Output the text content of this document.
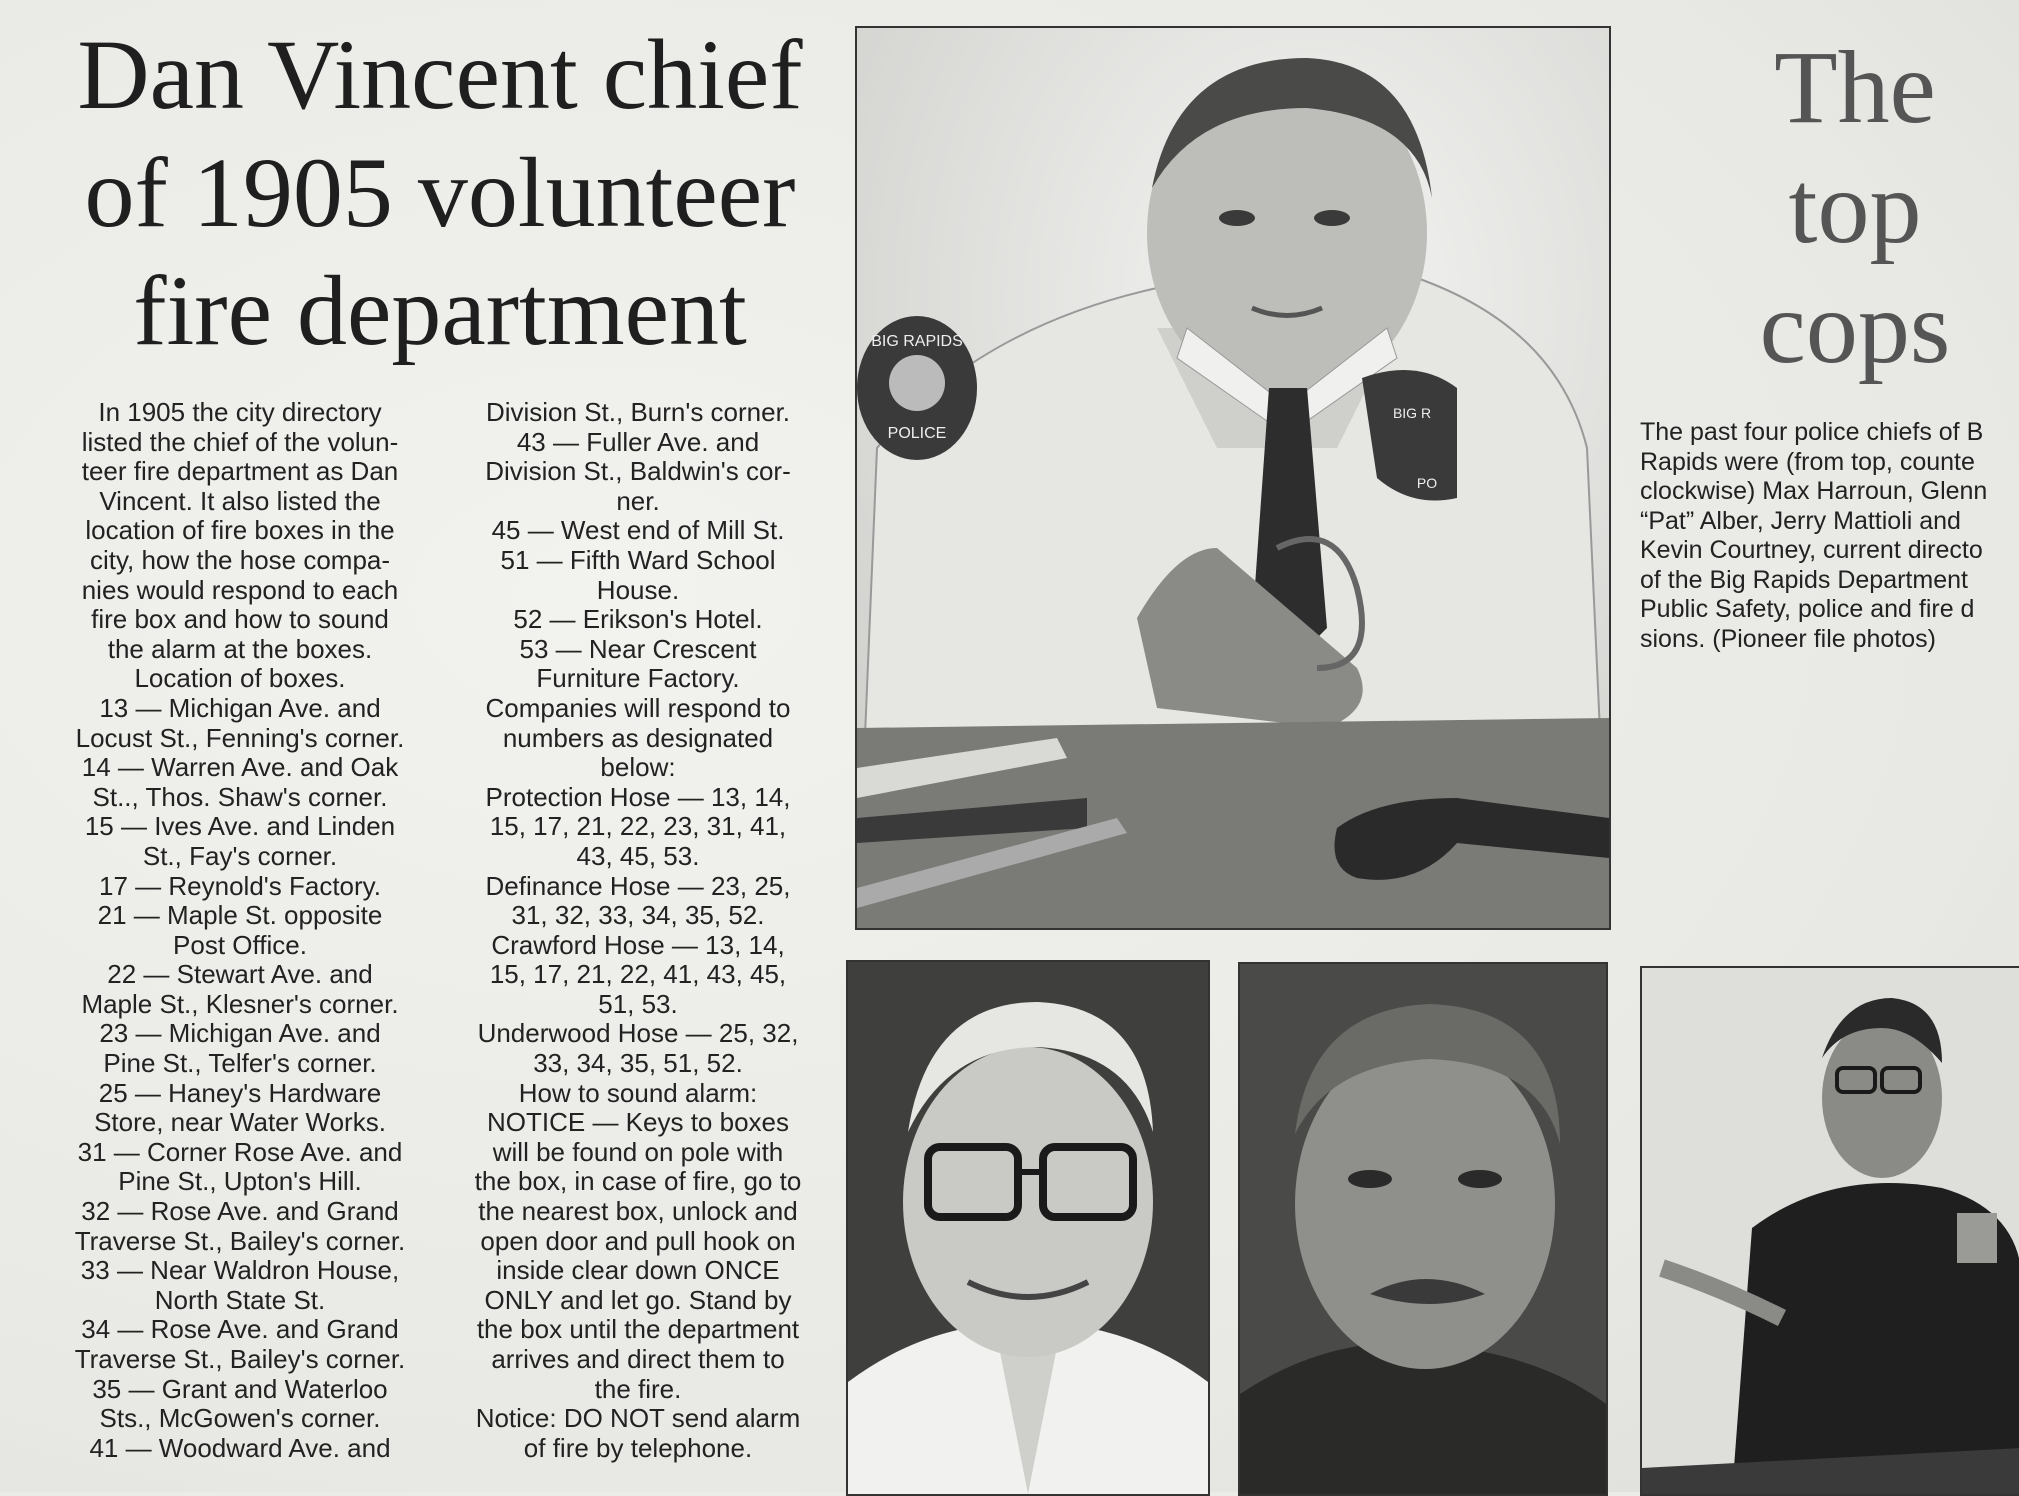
Dan Vincent chief
of 1905 volunteer
fire department

In 1905 the city directory

listed the chief of the volun-

teer fire department as Dan

Vincent. It also listed the

location of fire boxes in the

city, how the hose compa-

nies would respond to each

fire box and how to sound

the alarm at the boxes.

Location of boxes.

13 — Michigan Ave. and

Locust St., Fenning's corner.

14 — Warren Ave. and Oak

St.., Thos. Shaw's corner.

15 — Ives Ave. and Linden

St., Fay's corner.

17 — Reynold's Factory.

21 — Maple St. opposite

Post Office.

22 — Stewart Ave. and

Maple St., Klesner's corner.

23 — Michigan Ave. and

Pine St., Telfer's corner.

25 — Haney's Hardware

Store, near Water Works.

31 — Corner Rose Ave. and

Pine St., Upton's Hill.

32 — Rose Ave. and Grand

Traverse St., Bailey's corner.

33 — Near Waldron House,

North State St.

34 — Rose Ave. and Grand

Traverse St., Bailey's corner.

35 — Grant and Waterloo

Sts., McGowen's corner.

41 — Woodward Ave. and

Division St., Burn's corner.

43 — Fuller Ave. and

Division St., Baldwin's cor-

ner.

45 — West end of Mill St.

51 — Fifth Ward School

House.

52 — Erikson's Hotel.

53 — Near Crescent

Furniture Factory.

Companies will respond to

numbers as designated

below:

Protection Hose — 13, 14,

15, 17, 21, 22, 23, 31, 41,

43, 45, 53.

Definance Hose — 23, 25,

31, 32, 33, 34, 35, 52.

Crawford Hose — 13, 14,

15, 17, 21, 22, 41, 43, 45,

51, 53.

Underwood Hose — 25, 32,

33, 34, 35, 51, 52.

How to sound alarm:

NOTICE — Keys to boxes

will be found on pole with

the box, in case of fire, go to

the nearest box, unlock and

open door and pull hook on

inside clear down ONCE

ONLY and let go. Stand by

the box until the department

arrives and direct them to

the fire.

Notice: DO NOT send alarm

of fire by telephone.

BIG RAPIDS
POLICE
BIG R
PO
The
top
cops

The past four police chiefs of B

Rapids were (from top, counte

clockwise) Max Harroun, Glenn

“Pat” Alber, Jerry Mattioli and

Kevin Courtney, current directo

of the Big Rapids Department

Public Safety, police and fire d

sions. (Pioneer file photos)
